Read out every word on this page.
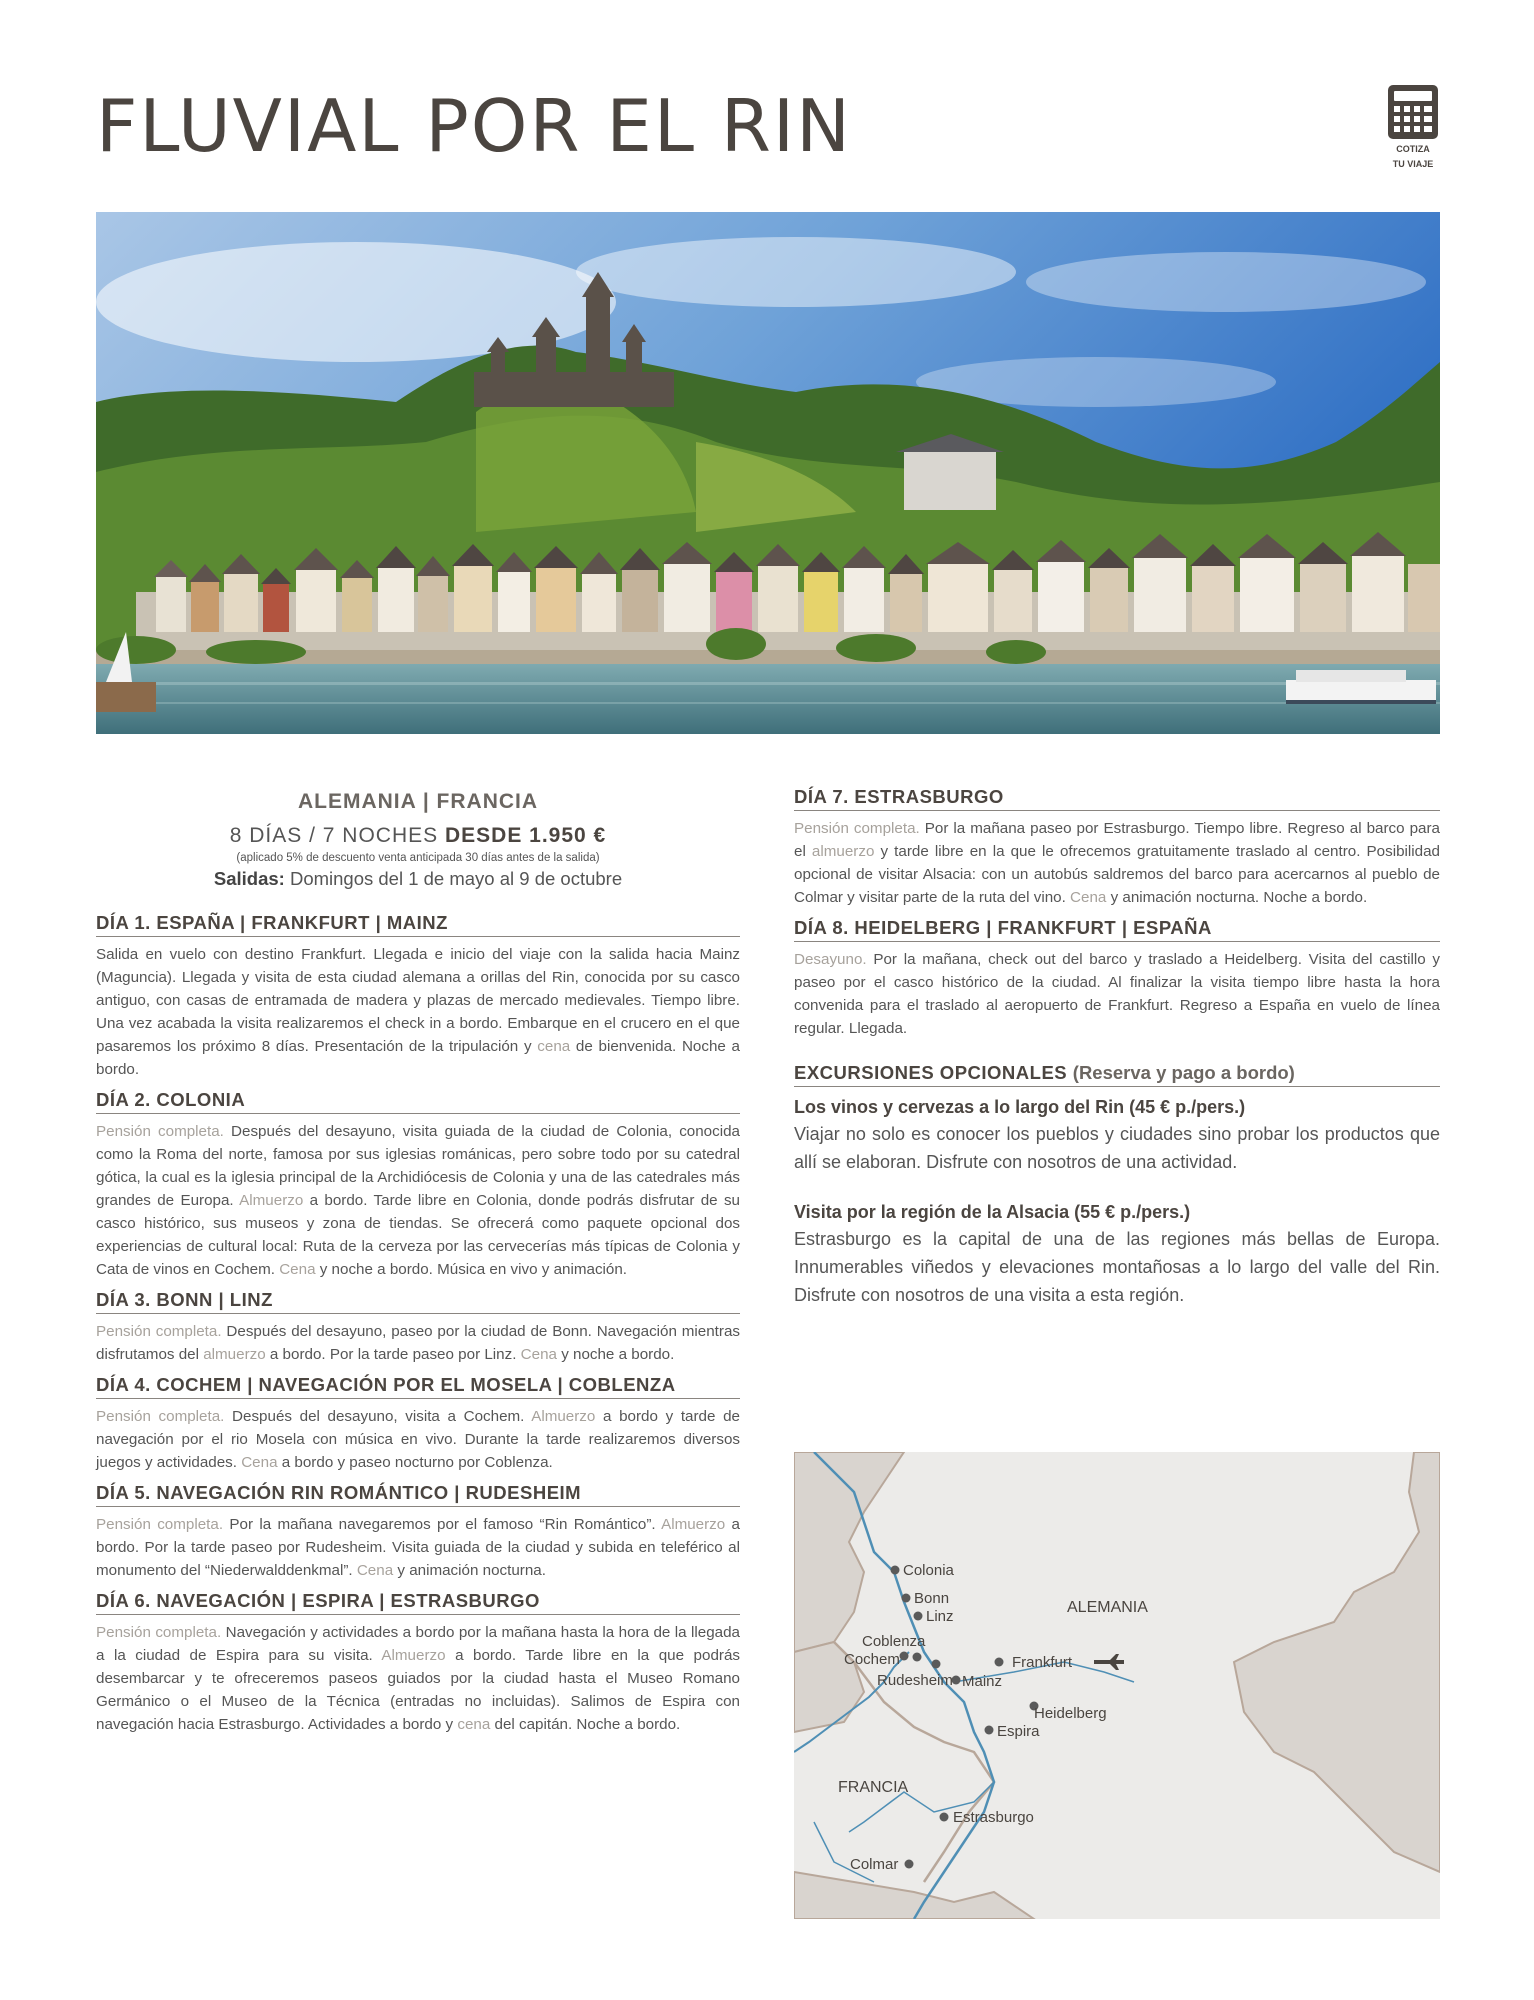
FLUVIAL POR EL RIN	COTIZA
TU VIAJE
ALEMANIA | FRANCIA
8 DÍAS / 7 NOCHES DESDE 1.950 €
(aplicado 5% de descuento venta anticipada 30 días antes de la salida)
Salidas: Domingos del 1 de mayo al 9 de octubre
DÍA 1. ESPAÑA | FRANKFURT | MAINZ

Salida en vuelo con destino Frankfurt. Llegada e inicio del viaje con la salida hacia Mainz (Maguncia). Llegada y visita de esta ciudad alemana a orillas del Rin, conocida por su casco antiguo, con casas de entramada de madera y plazas de mercado medievales. Tiempo libre. Una vez acabada la visita realizaremos el check in a bordo. Embarque en el crucero en el que pasaremos los próximo 8 días. Presentación de la tripulación y cena de bienvenida. Noche a bordo.

DÍA 2. COLONIA

Pensión completa. Después del desayuno, visita guiada de la ciudad de Colonia, conocida como la Roma del norte, famosa por sus iglesias románicas, pero sobre todo por su catedral gótica, la cual es la iglesia principal de la Archidiócesis de Colonia y una de las catedrales más grandes de Europa. Almuerzo a bordo. Tarde libre en Colonia, donde podrás disfrutar de su casco histórico, sus museos y zona de tiendas. Se ofrecerá como paquete opcional dos experiencias de cultural local: Ruta de la cerveza por las cervecerías más típicas de Colonia y Cata de vinos en Cochem. Cena y noche a bordo. Música en vivo y animación.

DÍA 3. BONN | LINZ

Pensión completa. Después del desayuno, paseo por la ciudad de Bonn. Navegación mientras disfrutamos del almuerzo a bordo. Por la tarde paseo por Linz. Cena y noche a bordo.

DÍA 4. COCHEM | NAVEGACIÓN POR EL MOSELA | COBLENZA

Pensión completa. Después del desayuno, visita a Cochem. Almuerzo a bordo y tarde de navegación por el rio Mosela con música en vivo. Durante la tarde realizaremos diversos juegos y actividades. Cena a bordo y paseo nocturno por Coblenza.

DÍA 5. NAVEGACIÓN RIN ROMÁNTICO | RUDESHEIM

Pensión completa. Por la mañana navegaremos por el famoso “Rin Romántico”. Almuerzo a bordo. Por la tarde paseo por Rudesheim. Visita guiada de la ciudad y subida en teleférico al monumento del “Niederwalddenkmal”. Cena y animación nocturna.

DÍA 6. NAVEGACIÓN | ESPIRA | ESTRASBURGO

Pensión completa. Navegación y actividades a bordo por la mañana hasta la hora de la llegada a la ciudad de Espira para su visita. Almuerzo a bordo. Tarde libre en la que podrás desembarcar y te ofreceremos paseos guiados por la ciudad hasta el Museo Romano Germánico o el Museo de la Técnica (entradas no incluidas). Salimos de Espira con navegación hacia Estrasburgo. Actividades a bordo y cena del capitán. Noche a bordo.

DÍA 7. ESTRASBURGO

Pensión completa. Por la mañana paseo por Estrasburgo. Tiempo libre. Regreso al barco para el almuerzo y tarde libre en la que le ofrecemos gratuitamente traslado al centro. Posibilidad opcional de visitar Alsacia: con un autobús saldremos del barco para acercarnos al pueblo de Colmar y visitar parte de la ruta del vino. Cena y animación nocturna. Noche a bordo.

DÍA 8. HEIDELBERG | FRANKFURT | ESPAÑA

Desayuno. Por la mañana, check out del barco y traslado a Heidelberg. Visita del castillo y paseo por el casco histórico de la ciudad. Al finalizar la visita tiempo libre hasta la hora convenida para el traslado al aeropuerto de Frankfurt. Regreso a España en vuelo de línea regular. Llegada.

EXCURSIONES OPCIONALES (Reserva y pago a bordo)
Los vinos y cervezas a lo largo del Rin (45 € p./pers.)

Viajar no solo es conocer los pueblos y ciudades sino probar los productos que allí se elaboran. Disfrute con nosotros de una actividad.

Visita por la región de la Alsacia (55 € p./pers.)

Estrasburgo es la capital de una de las regiones más bellas de Europa. Innumerables viñedos y elevaciones montañosas a lo largo del valle del Rin. Disfrute con nosotros de una visita a esta región.

Colonia
Bonn
Linz
Coblenza
Cochem
Rudesheim Mainz
Frankfurt
Heidelberg
Espira
Estrasburgo
Colmar
ALEMANIA
FRANCIA
